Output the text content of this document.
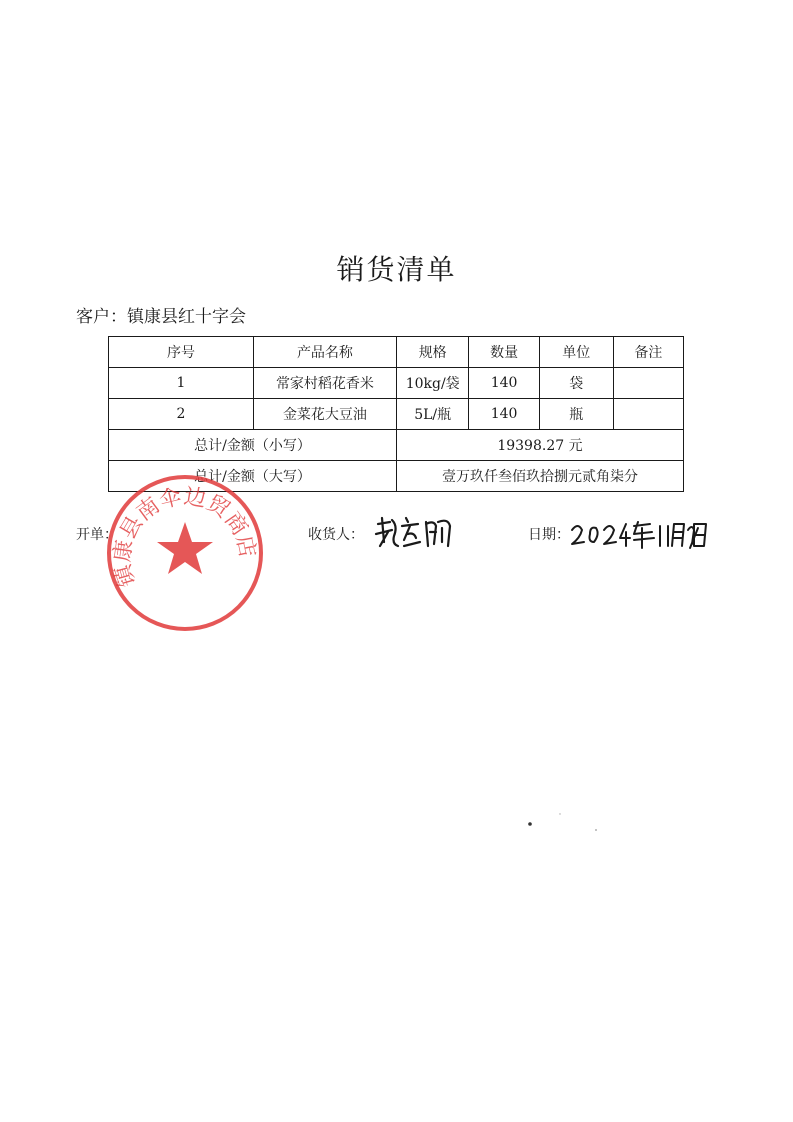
销货清单
客户：镇康县红十字会
序号	产品名称	规格	数量	单位	备注
1	常家村稻花香米	10kg/袋	140	袋	
2	金菜花大豆油	5L/瓶	140	瓶	
总计/金额（小写）		19398.27 元			
总计/金额（大写）		壹万玖仟叁佰玖拾捌元贰角柒分			
开单：	收货人：	日期：
镇康县南伞边贸商店
